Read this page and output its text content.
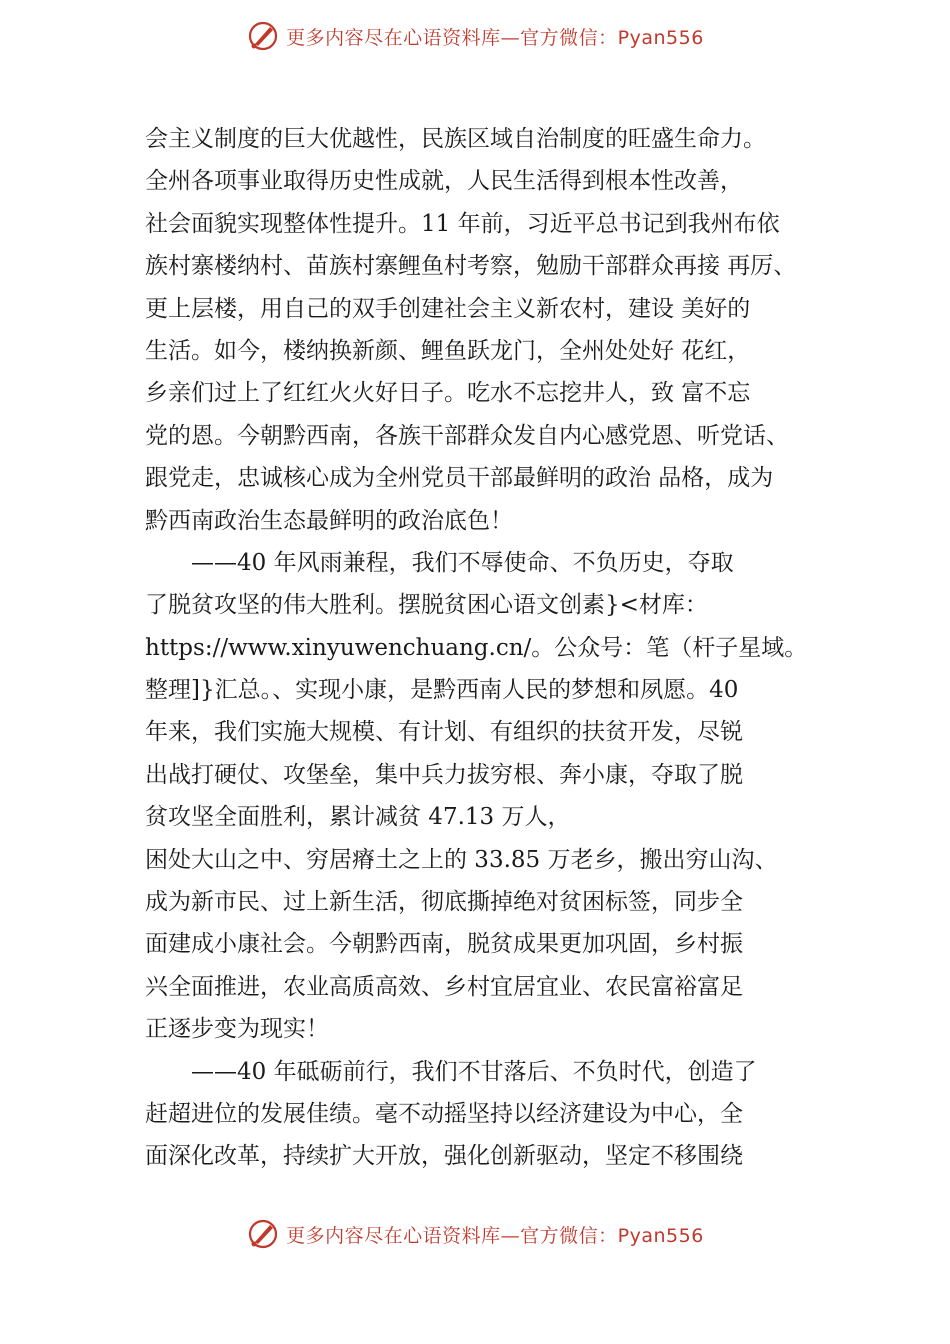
更多内容尽在心语资料库—官方微信：Pyan556
会主义制度的巨大优越性，民族区域自治制度的旺盛生命力。
全州各项事业取得历史性成就，人民生活得到根本性改善，
社会面貌实现整体性提升。11 年前，习近平总书记到我州布依
族村寨楼纳村、苗族村寨鲤鱼村考察，勉励干部群众再接 再厉、
更上层楼，用自己的双手创建社会主义新农村，建设 美好的
生活。如今，楼纳换新颜、鲤鱼跃龙门，全州处处好 花红，
乡亲们过上了红红火火好日子。吃水不忘挖井人，致 富不忘
党的恩。今朝黔西南，各族干部群众发自内心感党恩、听党话、
跟党走，忠诚核心成为全州党员干部最鲜明的政治 品格，成为
黔西南政治生态最鲜明的政治底色！
　　——40 年风雨兼程，我们不辱使命、不负历史，夺取
了脱贫攻坚的伟大胜利。摆脱贫困心语文创素}<材库：
https://www.xinyuwenchuang.cn/。公众号：笔（杆子星域。
整理]}汇总。、实现小康，是黔西南人民的梦想和夙愿。40
年来，我们实施大规模、有计划、有组织的扶贫开发，尽锐
出战打硬仗、攻堡垒，集中兵力拔穷根、奔小康，夺取了脱
贫攻坚全面胜利，累计减贫 47.13 万人，
困处大山之中、穷居瘠土之上的 33.85 万老乡，搬出穷山沟、
成为新市民、过上新生活，彻底撕掉绝对贫困标签，同步全
面建成小康社会。今朝黔西南，脱贫成果更加巩固，乡村振
兴全面推进，农业高质高效、乡村宜居宜业、农民富裕富足
正逐步变为现实！
　　——40 年砥砺前行，我们不甘落后、不负时代，创造了
赶超进位的发展佳绩。毫不动摇坚持以经济建设为中心，全
面深化改革，持续扩大开放，强化创新驱动，坚定不移围绕
更多内容尽在心语资料库—官方微信：Pyan556
